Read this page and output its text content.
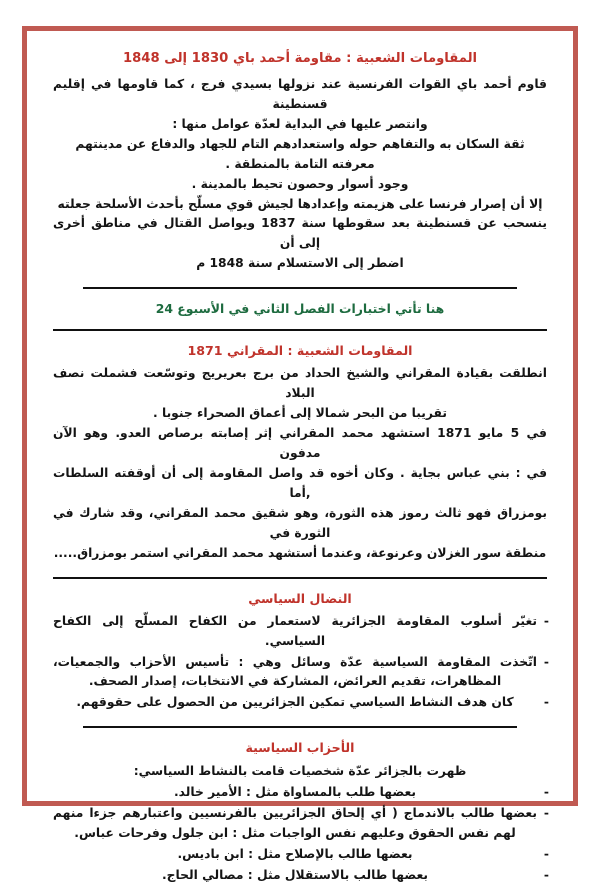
المقاومات الشعبية : مقاومة أحمد باي 1830 إلى 1848
قاوم أحمد باي القوات الفرنسية عند نزولها بسيدي فرج ، كما قاومها في إقليم قسنطينة
وانتصر عليها في البداية لعدّة عوامل منها :
ثقة السكان به والتفاهم حوله واستعدادهم التام للجهاد والدفاع عن مدينتهم
معرفته التامة بالمنطقة .
وجود أسوار وحصون تحيط بالمدينة .
إلا أن إصرار فرنسا على هزيمته وإعدادها لجيش قوي مسلّح بأحدث الأسلحة جعلته
ينسحب عن قسنطينة بعد سقوطها سنة 1837 ويواصل القتال في مناطق أخرى إلى أن
اضطر إلى الاستسلام سنة 1848 م
هنا تأتي اختبارات الفصل الثاني في الأسبوع 24
المقاومات الشعبية : المقراني 1871
انطلقت بقيادة المقراني والشيخ الحداد من برج بعريريج وتوسّعت فشملت نصف البلاد
تقريبا من البحر شمالا إلى أعماق الصحراء جنوبا .
في 5 مايو 1871 استشهد محمد المقراني إثر إصابته برصاص العدو. وهو الآن مدفون
في : بني عباس بجاية . وكان أخوه قد واصل المقاومة إلى أن أوقفته السلطات ,أما
بومزراق فهو ثالث رموز هذه الثورة، وهو شقيق محمد المقراني، وقد شارك في الثورة في
منطقة سور الغزلان وعرنوعة، وعندما أستشهد محمد المقراني استمر بومزراق.....
النضال السياسي
-
تغيّر أسلوب المقاومة الجزائرية لاستعمار من الكفاح المسلّح إلى الكفاح السياسي.
-
اتّخذت المقاومة السياسية عدّة وسائل وهي : تأسيس الأحزاب والجمعيات، المظاهرات، تقديم العرائض، المشاركة في الانتخابات، إصدار الصحف.
-
كان هدف النشاط السياسي تمكين الجزائريين من الحصول على حقوقهم.
الأحزاب السياسية
ظهرت بالجزائر عدّة شخصيات قامت بالنشاط السياسي:
-
بعضها طلب بالمساواة مثل : الأمير خالد.
-
بعضها طالب بالاندماج ( أي إلحاق الجزائريين بالفرنسيين واعتبارهم جزءا منهم لهم نفس الحقوق وعليهم نفس الواجبات مثل : ابن جلول وفرحات عباس.
-
بعضها طالب بالإصلاح مثل : ابن باديس.
-
بعضها طالب بالاستقلال مثل : مصالي الحاج.
